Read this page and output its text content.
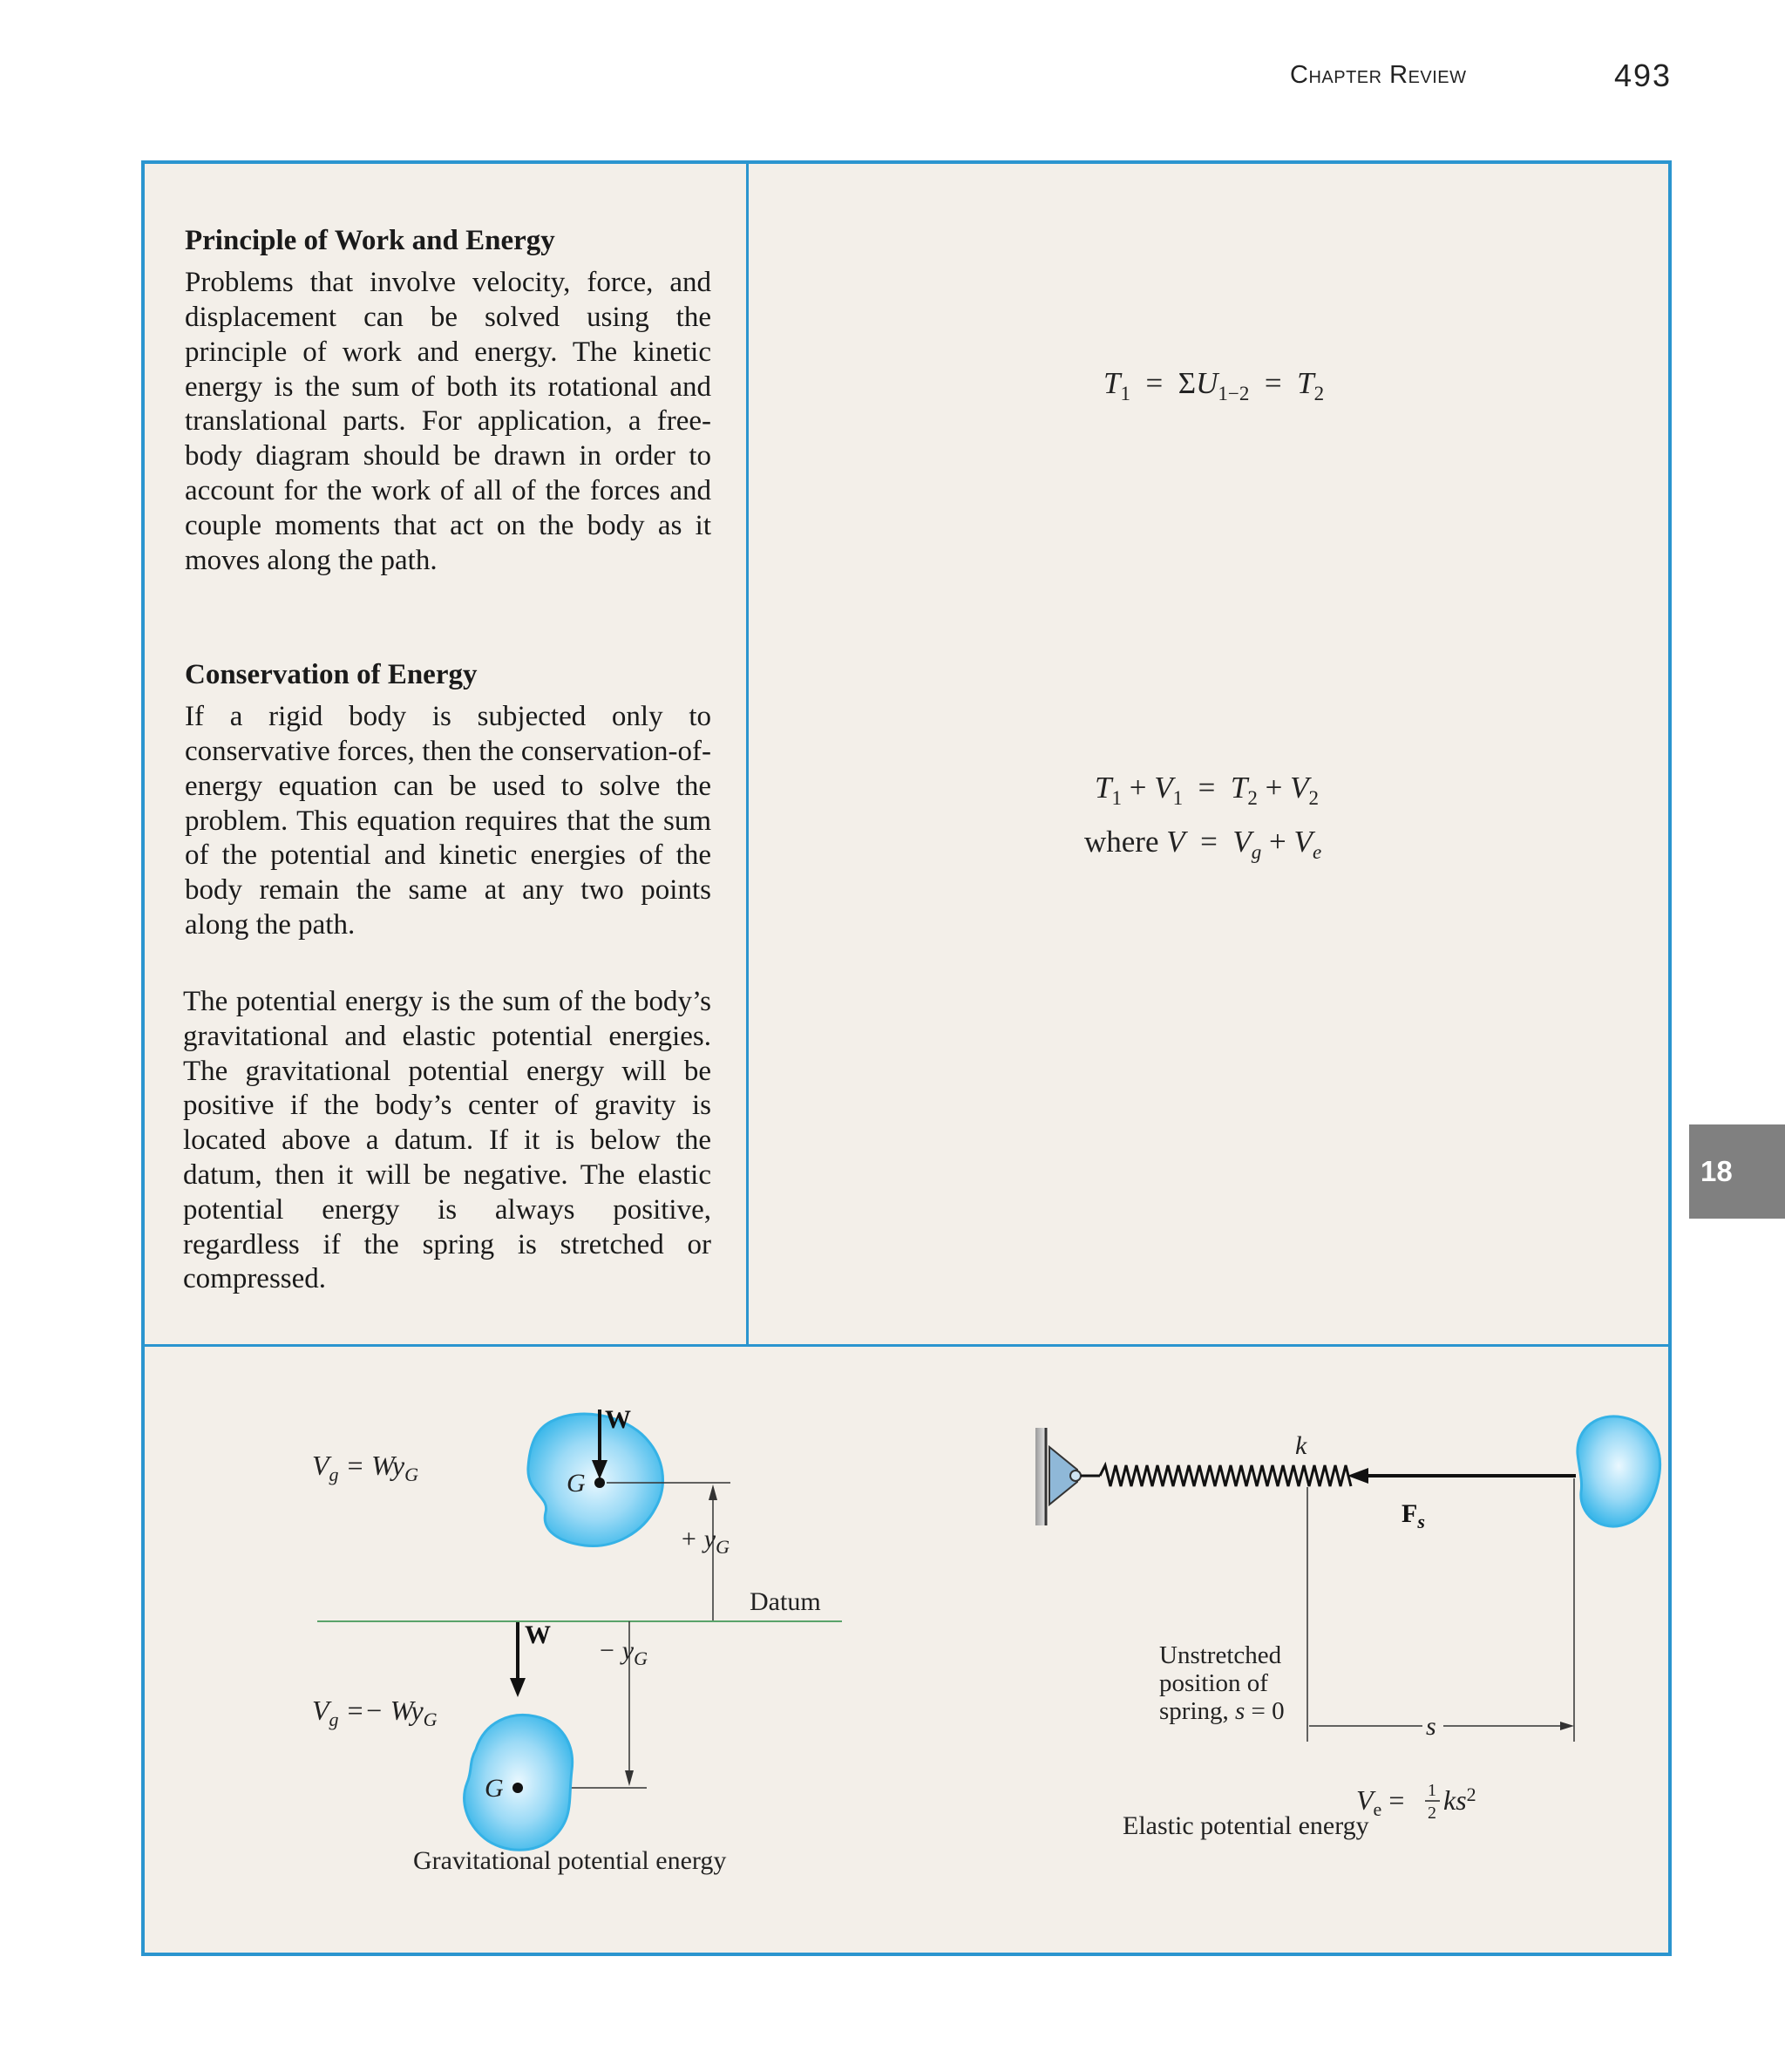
Chapter Review	493
18

Principle of Work and Energy

Problems that involve velocity, force, and displacement can be solved using the principle of work and energy. The kinetic energy is the sum of both its rotational and translational parts. For application, a free-body diagram should be drawn in order to account for the work of all of the forces and couple moments that act on the body as it moves along the path.

Conservation of Energy

If a rigid body is subjected only to conservative forces, then the conservation-of-energy equation can be used to solve the problem. This equation requires that the sum of the potential and kinetic energies of the body remain the same at any two points along the path.

The potential energy is the sum of the body’s gravitational and elastic potential energies. The gravitational potential energy will be positive if the body’s center of gravity is located above a datum. If it is below the datum, then it will be negative. The elastic potential energy is always positive, regardless if the spring is stretched or compressed.

$T_1 = \Sigma U_{1-2} = T_2$
$T_1 + V_1 = T_2 + V_2$
where $V = V_g + V_e$
W
G
$V_g = Wy_G$
+ $y_G$
Datum
− $y_G$
W
G
$V_g =- Wy_G$
Gravitational potential energy
k
$F_s$
s
Unstretched
position of
spring, s = 0
$V_e = 1$
2 $ks^2$
Elastic potential energy
